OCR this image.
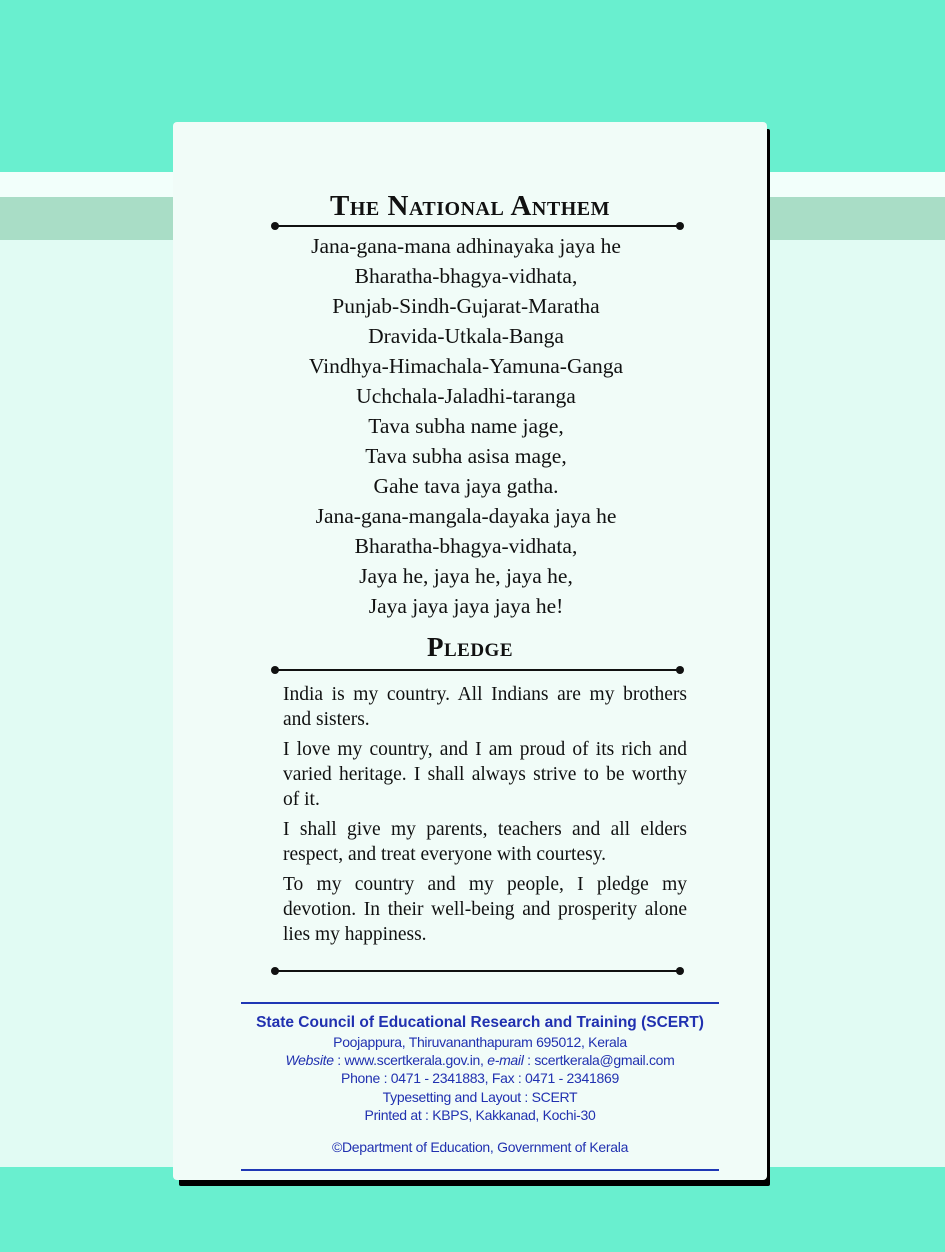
The National Anthem
Jana-gana-mana adhinayaka jaya he
Bharatha-bhagya-vidhata,
Punjab-Sindh-Gujarat-Maratha
Dravida-Utkala-Banga
Vindhya-Himachala-Yamuna-Ganga
Uchchala-Jaladhi-taranga
Tava subha name jage,
Tava subha asisa mage,
Gahe tava jaya gatha.
Jana-gana-mangala-dayaka jaya he
Bharatha-bhagya-vidhata,
Jaya he, jaya he, jaya he,
Jaya jaya jaya jaya he!
Pledge

India is my country. All Indians are my brothers and sisters.

I love my country, and I am proud of its rich and varied heritage. I shall always strive to be worthy of it.

I shall give my parents, teachers and all elders respect, and treat everyone with courtesy.

To my country and my people, I pledge my devotion. In their well-being and prosperity alone lies my happiness.

State Council of Educational Research and Training (SCERT)
Poojappura, Thiruvananthapuram 695012, Kerala
Website : www.scertkerala.gov.in, e-mail : scertkerala@gmail.com
Phone : 0471 - 2341883, Fax : 0471 - 2341869
Typesetting and Layout : SCERT
Printed at : KBPS, Kakkanad, Kochi-30
©Department of Education, Government of Kerala
